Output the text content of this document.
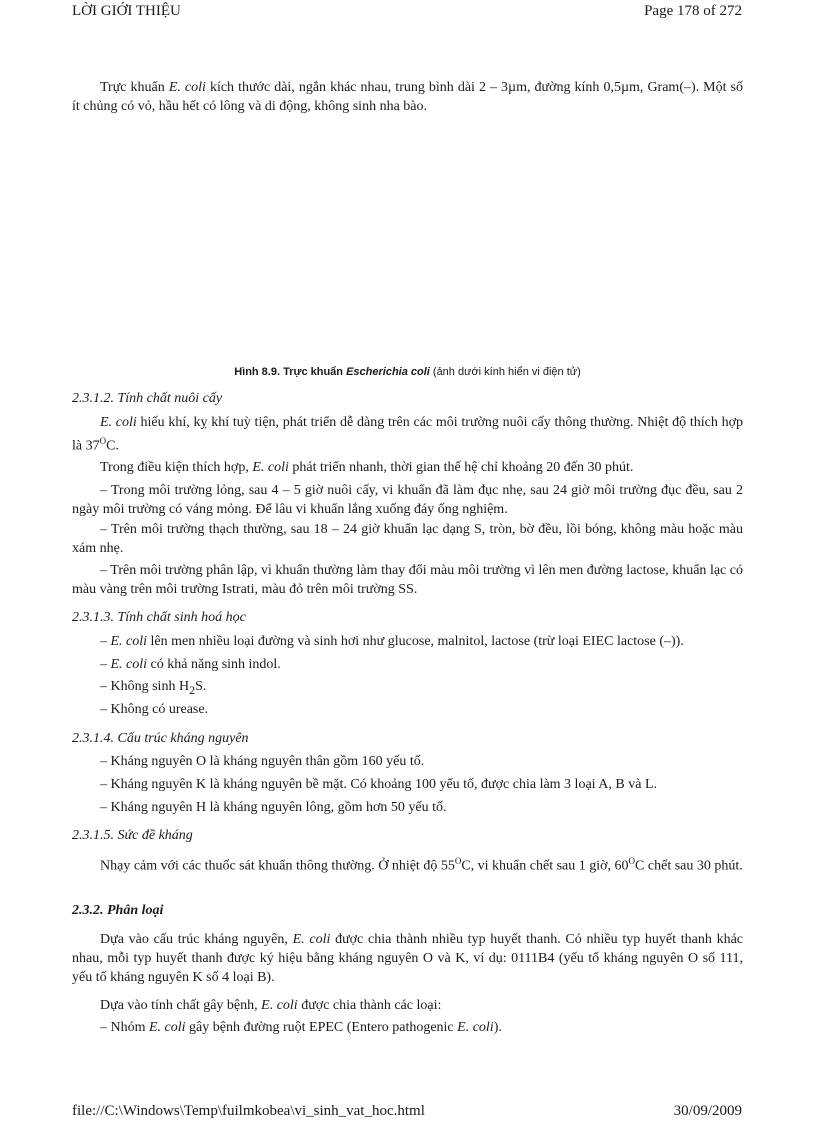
LỜI GIỚI THIỆU	Page 178 of 272

Trực khuẩn E. coli kích thước dài, ngắn khác nhau, trung bình dài 2 – 3µm, đường kính 0,5µm, Gram(–). Một số ít chủng có vỏ, hầu hết có lông và di động, không sinh nha bào.

Hình 8.9. Trực khuẩn Escherichia coli (ảnh dưới kính hiển vi điện tử)

2.3.1.2. Tính chất nuôi cấy

E. coli hiếu khí, kỵ khí tuỳ tiện, phát triển dễ dàng trên các môi trường nuôi cấy thông thường. Nhiệt độ thích hợp là $37^OC$.

Trong điều kiện thích hợp, E. coli phát triển nhanh, thời gian thế hệ chỉ khoảng 20 đến 30 phút.

– Trong môi trường lỏng, sau 4 – 5 giờ nuôi cấy, vi khuẩn đã làm đục nhẹ, sau 24 giờ môi trường đục đều, sau 2 ngày môi trường có váng mỏng. Để lâu vi khuẩn lắng xuống đáy ống nghiệm.

– Trên môi trường thạch thường, sau 18 – 24 giờ khuẩn lạc dạng S, tròn, bờ đều, lồi bóng, không màu hoặc màu xám nhẹ.

– Trên môi trường phân lập, vì khuẩn thường làm thay đổi màu môi trường vì lên men đường lactose, khuẩn lạc có màu vàng trên môi trường Istrati, màu đỏ trên môi trường SS.

2.3.1.3. Tính chất sinh hoá học

– E. coli lên men nhiều loại đường và sinh hơi như glucose, malnitol, lactose (trừ loại EIEC lactose (–)).

– E. coli có khả năng sinh indol.

– Không $\sinh H_2S$.

– Không có urease.

2.3.1.4. Cấu trúc kháng nguyên

– Kháng nguyên O là kháng nguyên thân gồm 160 yếu tố.

– Kháng nguyên K là kháng nguyên bề mặt. Có khoảng 100 yếu tố, được chia làm 3 loại A, B và L.

– Kháng nguyên H là kháng nguyên lông, gồm hơn 50 yếu tố.

2.3.1.5. Sức đề kháng

Nhạy cảm với các thuốc sát khuẩn thông thường. Ở nhiệt độ $55^OC$, vi khuẩn chết sau 1 giờ, $60^OC$ chết sau 30 phút.

2.3.2. Phân loại

Dựa vào cấu trúc kháng nguyên, E. coli được chia thành nhiều typ huyết thanh. Có nhiều typ huyết thanh khác nhau, mỗi typ huyết thanh được ký hiệu bằng kháng nguyên O và K, ví dụ: 0111B4 (yếu tố kháng nguyên O số 111, yếu tố kháng nguyên K số 4 loại B).

Dựa vào tính chất gây bệnh, E. coli được chia thành các loại:

– Nhóm E. coli gây bệnh đường ruột EPEC (Entero pathogenic E. coli).

file://C:\Windows\Temp\fuilmkobea\vi_sinh_vat_hoc.html	30/09/2009
